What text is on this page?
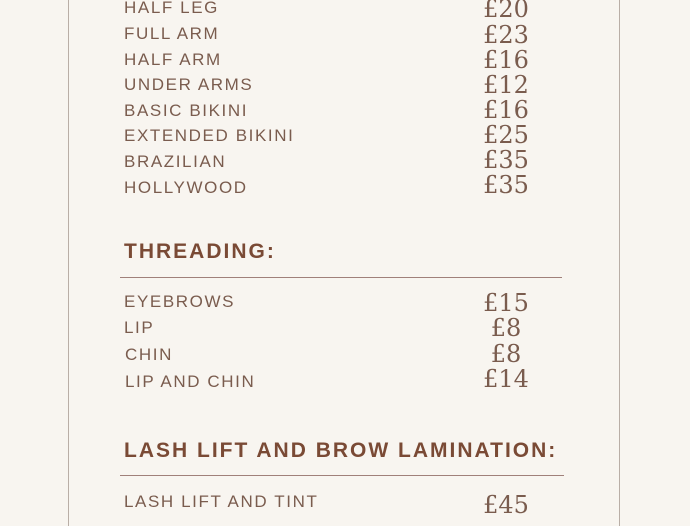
HALF LEG	£20
FULL ARM	£23
HALF ARM	£16
UNDER ARMS	£12
BASIC BIKINI	£16
EXTENDED BIKINI	£25
BRAZILIAN	£35
HOLLYWOOD	£35
THREADING:
EYEBROWS	£15
LIP	£8
CHIN	£8
LIP AND CHIN	£14
LASH LIFT AND BROW LAMINATION:
LASH LIFT AND TINT	£45
